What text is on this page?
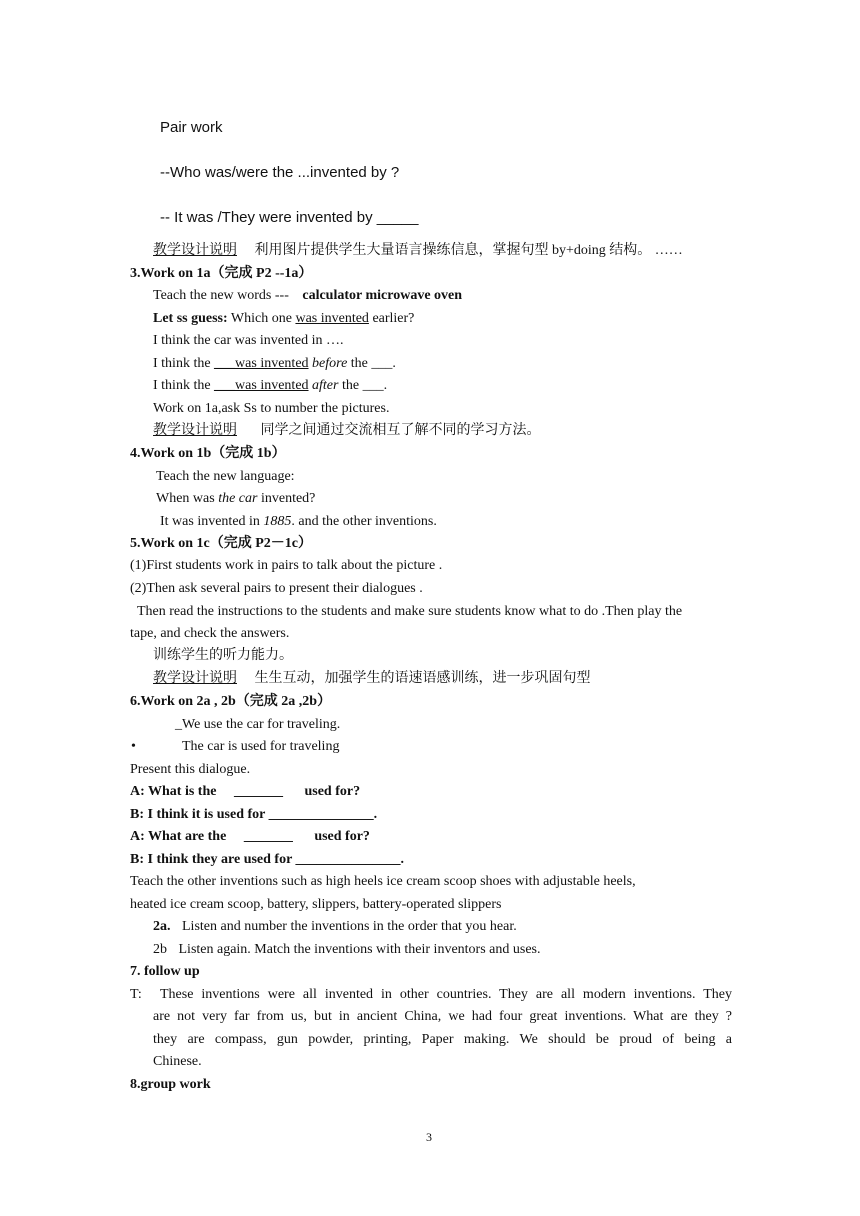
Pair work
--Who was/were the ...invented by ?
-- It was /They were invented by _____
教学设计说明 利用图片提供学生大量语言操练信息，掌握句型 by+doing 结构。 ……
3.Work on 1a（完成 P2 --1a）
Teach the new words --- calculator microwave oven
Let ss guess: Which one was invented earlier?
I think the car was invented in ….
I think the ___was invented before the ___.
I think the ___was invented after the ___.
Work on 1a,ask Ss to number the pictures.
教学设计说明 同学之间通过交流相互了解不同的学习方法。
4.Work on 1b（完成 1b）
Teach the new language:
When was the car invented?
It was invented in 1885. and the other inventions.
5.Work on 1c（完成 P2－1c）
(1)First students work in pairs to talk about the picture .
(2)Then ask several pairs to present their dialogues .
Then read the instructions to the students and make sure students know what to do .Then play the
tape, and check the answers.
训练学生的听力能力。
教学设计说明 生生互动，加强学生的语速语感训练，进一步巩固句型
6.Work on 2a , 2b（完成 2a ,2b）
_We use the car for traveling.
•	The car is used for traveling
Present this dialogue.
A: What is the _______ used for?
B: I think it is used for _______________.
A: What are the _______ used for?
B: I think they are used for _______________.
Teach the other inventions such as high heels ice cream scoop shoes with adjustable heels,
heated ice cream scoop, battery, slippers, battery-operated slippers
2a. Listen and number the inventions in the order that you hear.
2b Listen again. Match the inventions with their inventors and uses.
7. follow up
T: These inventions were all invented in other countries. They are all modern inventions. They
are not very far from us, but in ancient China, we had four great inventions. What are they ?
they are compass, gun powder, printing, Paper making. We should be proud of being a
Chinese.
8.group work
3
